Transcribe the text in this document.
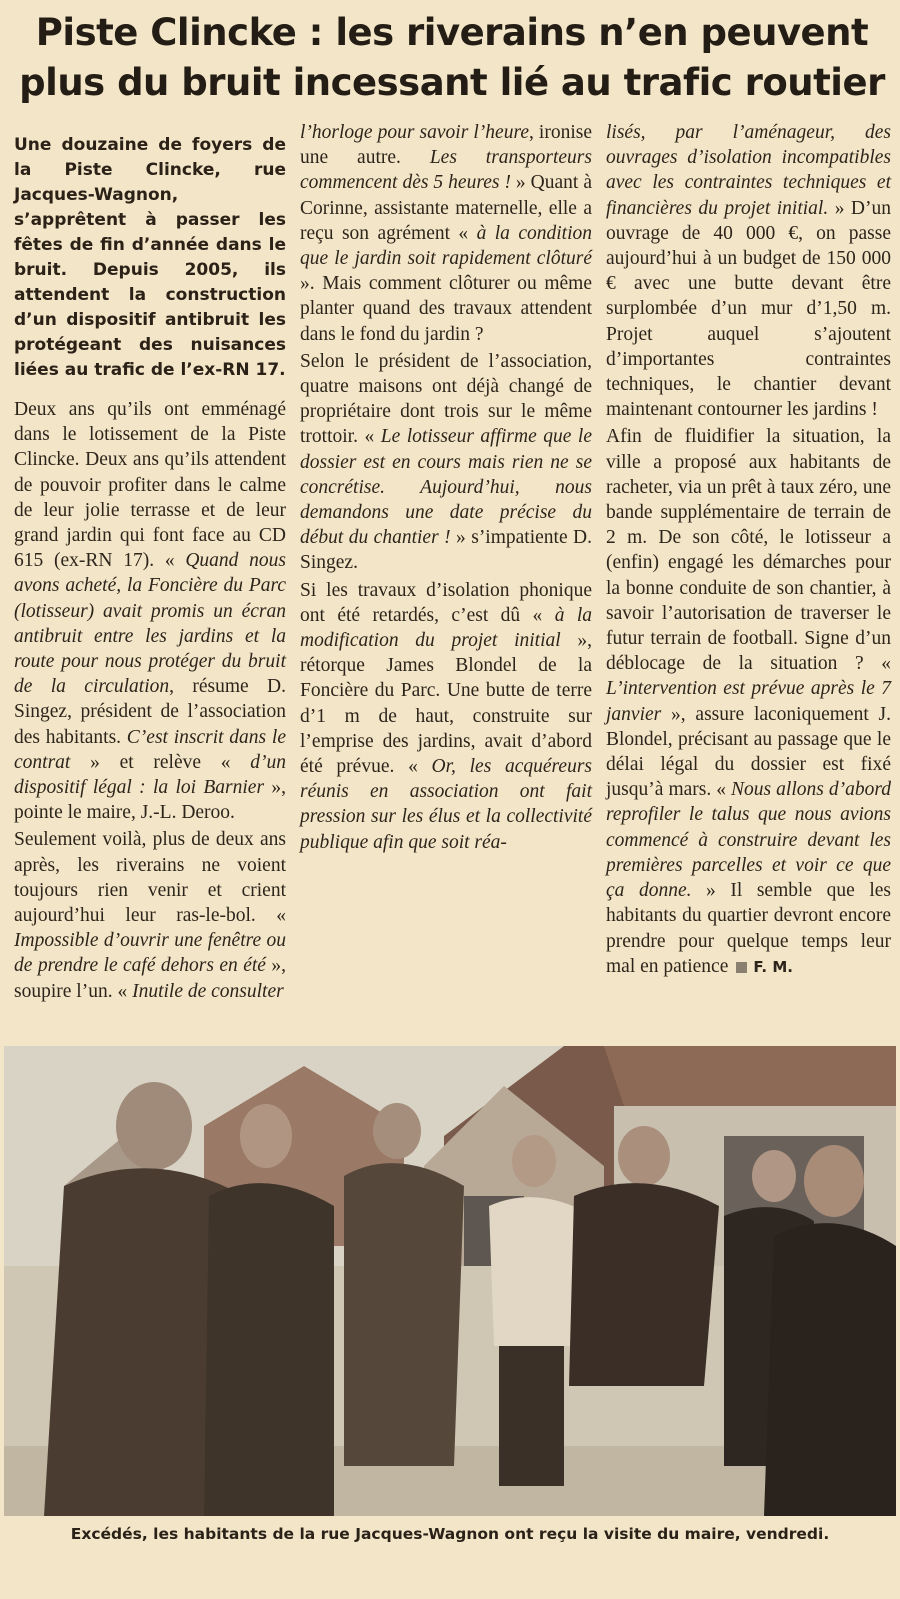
Piste Clincke : les riverains n’en peuvent plus du bruit incessant lié au trafic routier

Une douzaine de foyers de la Piste Clincke, rue Jacques-Wagnon, s’apprêtent à passer les fêtes de fin d’année dans le bruit. Depuis 2005, ils attendent la construction d’un dispositif antibruit les protégeant des nuisances liées au trafic de l’ex-RN 17.

Deux ans qu’ils ont emménagé dans le lotissement de la Piste Clincke. Deux ans qu’ils attendent de pouvoir profiter dans le calme de leur jolie terrasse et de leur grand jardin qui font face au CD 615 (ex-RN 17). « Quand nous avons acheté, la Foncière du Parc (lotisseur) avait promis un écran antibruit entre les jardins et la route pour nous protéger du bruit de la circulation, résume D. Singez, président de l’association des habitants. C’est inscrit dans le contrat » et relève « d’un dispositif légal : la loi Barnier », pointe le maire, J.-L. Deroo.

Seulement voilà, plus de deux ans après, les riverains ne voient toujours rien venir et crient aujourd’hui leur ras-le-bol. « Impossible d’ouvrir une fenêtre ou de prendre le café dehors en été », soupire l’un. « Inutile de consulter

l’horloge pour savoir l’heure, ironise une autre. Les transporteurs commencent dès 5 heures ! » Quant à Corinne, assistante maternelle, elle a reçu son agrément « à la condition que le jardin soit rapidement clôturé ». Mais comment clôturer ou même planter quand des travaux attendent dans le fond du jardin ?

Selon le président de l’association, quatre maisons ont déjà changé de propriétaire dont trois sur le même trottoir. « Le lotisseur affirme que le dossier est en cours mais rien ne se concrétise. Aujourd’hui, nous demandons une date précise du début du chantier ! » s’impatiente D. Singez.

Si les travaux d’isolation phonique ont été retardés, c’est dû « à la modification du projet initial », rétorque James Blondel de la Foncière du Parc. Une butte de terre d’1 m de haut, construite sur l’emprise des jardins, avait d’abord été prévue. « Or, les acquéreurs réunis en association ont fait pression sur les élus et la collectivité publique afin que soit réa-

lisés, par l’aménageur, des ouvrages d’isolation incompatibles avec les contraintes techniques et financières du projet initial. » D’un ouvrage de 40 000 €, on passe aujourd’hui à un budget de 150 000 € avec une butte devant être surplombée d’un mur d’1,50 m. Projet auquel s’ajoutent d’importantes contraintes techniques, le chantier devant maintenant contourner les jardins !

Afin de fluidifier la situation, la ville a proposé aux habitants de racheter, via un prêt à taux zéro, une bande supplémentaire de terrain de 2 m. De son côté, le lotisseur a (enfin) engagé les démarches pour la bonne conduite de son chantier, à savoir l’autorisation de traverser le futur terrain de football. Signe d’un déblocage de la situation ? « L’intervention est prévue après le 7 janvier », assure laconiquement J. Blondel, précisant au passage que le délai légal du dossier est fixé jusqu’à mars. « Nous allons d’abord reprofiler le talus que nous avions commencé à construire devant les premières parcelles et voir ce que ça donne. » Il semble que les habitants du quartier devront encore prendre pour quelque temps leur mal en patience F. M.

Excédés, les habitants de la rue Jacques-Wagnon ont reçu la visite du maire, vendredi.
